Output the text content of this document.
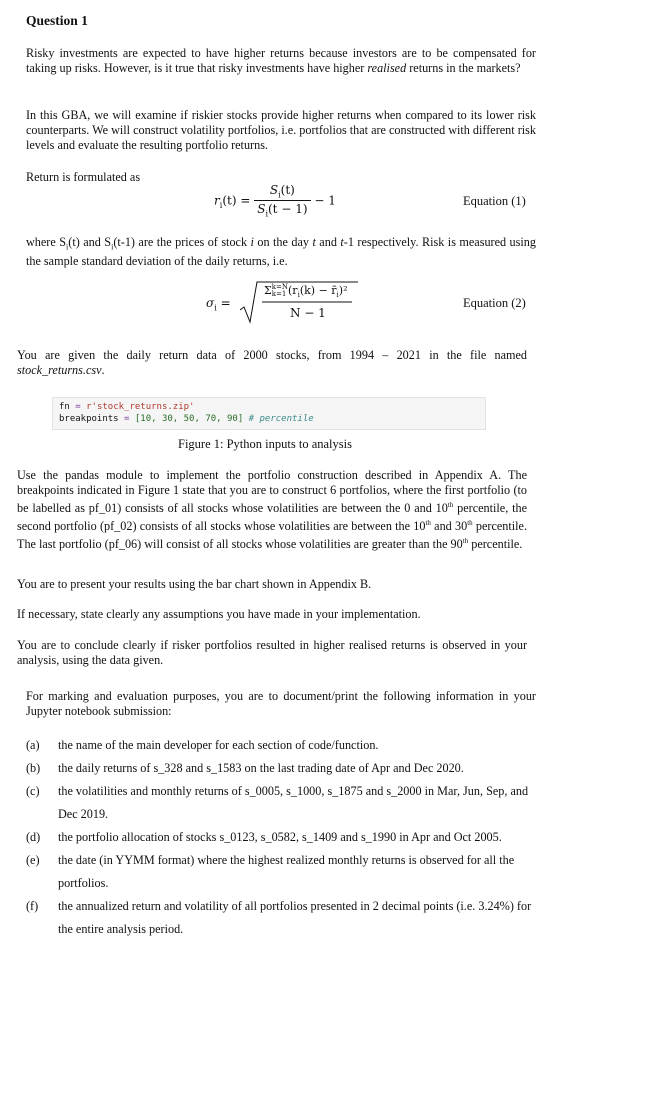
Question 1
Risky investments are expected to have higher returns because investors are to be compensated for taking up risks. However, is it true that risky investments have higher realised returns in the markets?
In this GBA, we will examine if riskier stocks provide higher returns when compared to its lower risk counterparts. We will construct volatility portfolios, i.e. portfolios that are constructed with different risk levels and evaluate the resulting portfolio returns.
Return is formulated as
$r_i(t) = \frac{S_i(t)}{S_i(t - 1)} - 1$	Equation (1)
where $S_i(t)$ and $S_i(t-1)$ are the prices of stock i on the day t and t-1 respectively. Risk is measured using the sample standard deviation of the daily returns, i.e.
$\sigma_i$ =
Σ k=N
k=1 ($r_i(k)$ − $r̄_i)^2$
N − 1
Equation (2)
You are given the daily return data of 2000 stocks, from 1994 – 2021 in the file named stock_returns.csv.
fn = r'stock_returns.zip'
breakpoints = [10, 30, 50, 70, 90] # percentile
Figure 1: Python inputs to analysis
Use the pandas module to implement the portfolio construction described in Appendix A. The breakpoints indicated in Figure 1 state that you are to construct 6 portfolios, where the first portfolio (to be labelled as pf_01) consists of all stocks whose volatilities are between the 0 and 10th percentile, the second portfolio (pf_02) consists of all stocks whose volatilities are between the 10th and 30th percentile. The last portfolio (pf_06) will consist of all stocks whose volatilities are greater than the 90th percentile.
You are to present your results using the bar chart shown in Appendix B.
If necessary, state clearly any assumptions you have made in your implementation.
You are to conclude clearly if risker portfolios resulted in higher realised returns is observed in your analysis, using the data given.
For marking and evaluation purposes, you are to document/print the following information in your Jupyter notebook submission:
(a)	the name of the main developer for each section of code/function.
(b)	the daily returns of s_328 and s_1583 on the last trading date of Apr and Dec 2020.
(c)	the volatilities and monthly returns of s_0005, s_1000, s_1875 and s_2000 in Mar, Jun, Sep, and Dec 2019.
(d)	the portfolio allocation of stocks s_0123, s_0582, s_1409 and s_1990 in Apr and Oct 2005.
(e)	the date (in YYMM format) where the highest realized monthly returns is observed for all the portfolios.
(f)	the annualized return and volatility of all portfolios presented in 2 decimal points (i.e. 3.24%) for the entire analysis period.
